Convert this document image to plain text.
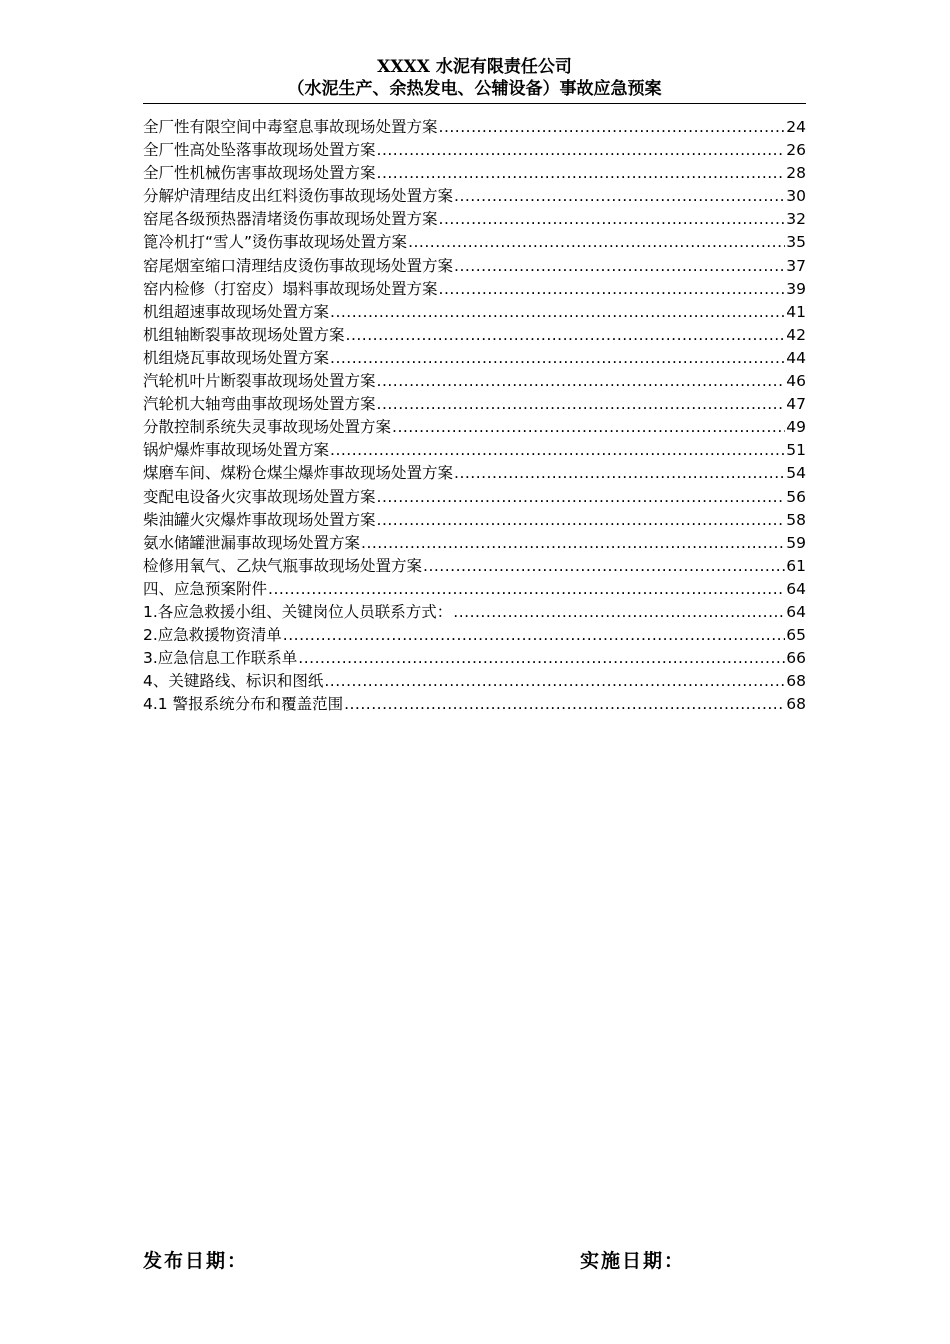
XXXX 水泥有限责任公司
（水泥生产、余热发电、公辅设备）事故应急预案
全厂性有限空间中毒窒息事故现场处置方案 .....	24
全厂性高处坠落事故现场处置方案 .....	26
全厂性机械伤害事故现场处置方案 .....	28
分解炉清理结皮出红料烫伤事故现场处置方案 .....	30
窑尾各级预热器清堵烫伤事故现场处置方案 .....	32
篦冷机打“雪人”烫伤事故现场处置方案 .....	35
窑尾烟室缩口清理结皮烫伤事故现场处置方案 .....	37
窑内检修（打窑皮）塌料事故现场处置方案 .....	39
机组超速事故现场处置方案 .....	41
机组轴断裂事故现场处置方案 .....	42
机组烧瓦事故现场处置方案 .....	44
汽轮机叶片断裂事故现场处置方案 .....	46
汽轮机大轴弯曲事故现场处置方案 .....	47
分散控制系统失灵事故现场处置方案 .....	49
锅炉爆炸事故现场处置方案 .....	51
煤磨车间、煤粉仓煤尘爆炸事故现场处置方案 .....	54
变配电设备火灾事故现场处置方案 .....	56
柴油罐火灾爆炸事故现场处置方案 .....	58
氨水储罐泄漏事故现场处置方案 .....	59
检修用氧气、乙炔气瓶事故现场处置方案 .....	61
四、应急预案附件 .....	64
1.各应急救援小组、关键岗位人员联系方式： .....	64
2.应急救援物资清单 .....	65
3.应急信息工作联系单 .....	66
4、关键路线、标识和图纸 .....	68
4.1 警报系统分布和覆盖范围 .....	68
发布日期：	实施日期：
